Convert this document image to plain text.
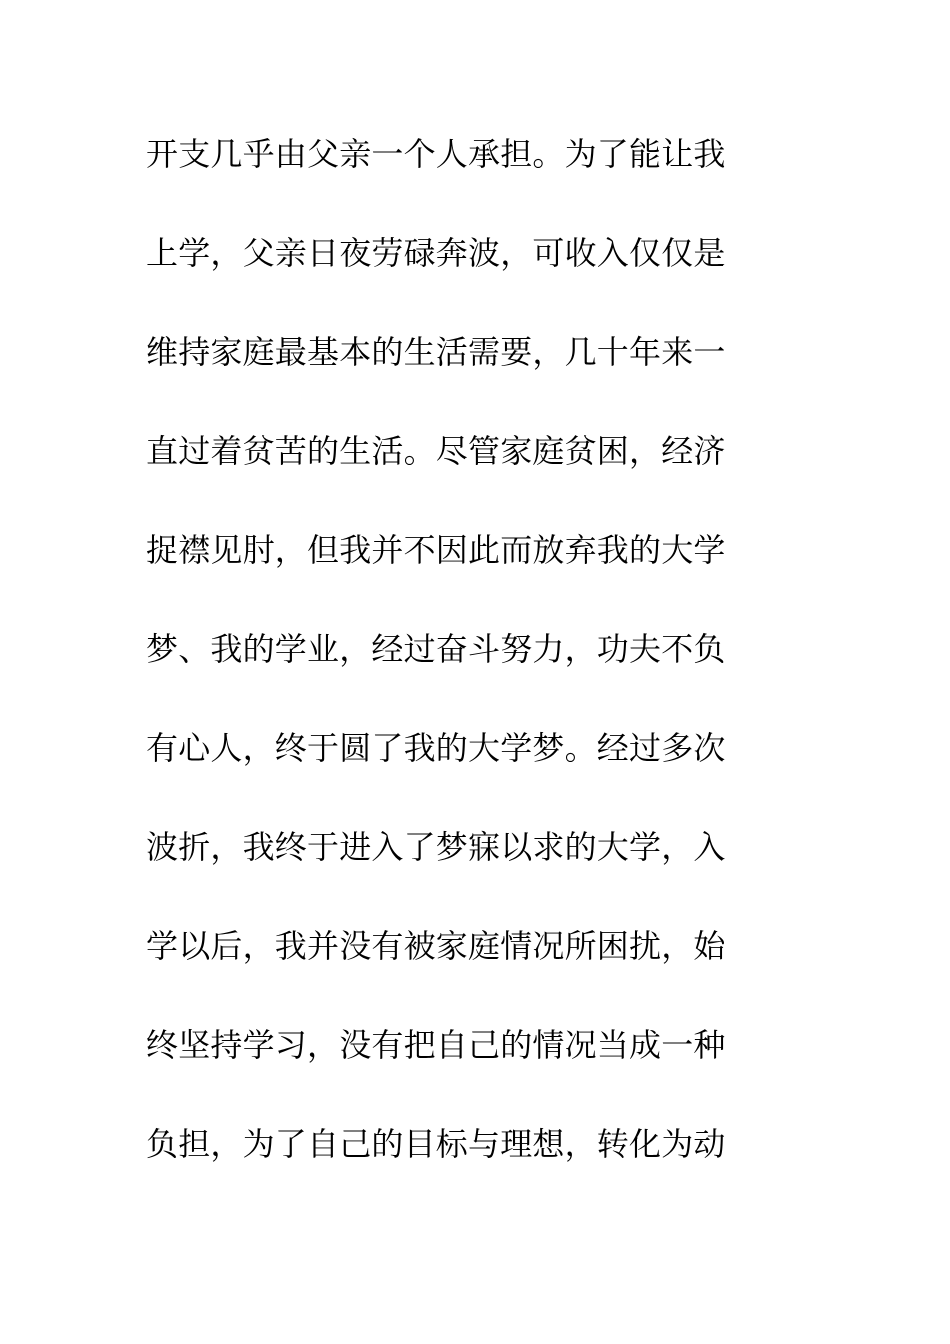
开支几乎由父亲一个人承担。为了能让我
上学，父亲日夜劳碌奔波，可收入仅仅是
维持家庭最基本的生活需要，几十年来一
直过着贫苦的生活。尽管家庭贫困，经济
捉襟见肘，但我并不因此而放弃我的大学
梦、我的学业，经过奋斗努力，功夫不负
有心人，终于圆了我的大学梦。经过多次
波折，我终于进入了梦寐以求的大学，入
学以后，我并没有被家庭情况所困扰，始
终坚持学习，没有把自己的情况当成一种
负担，为了自己的目标与理想，转化为动
